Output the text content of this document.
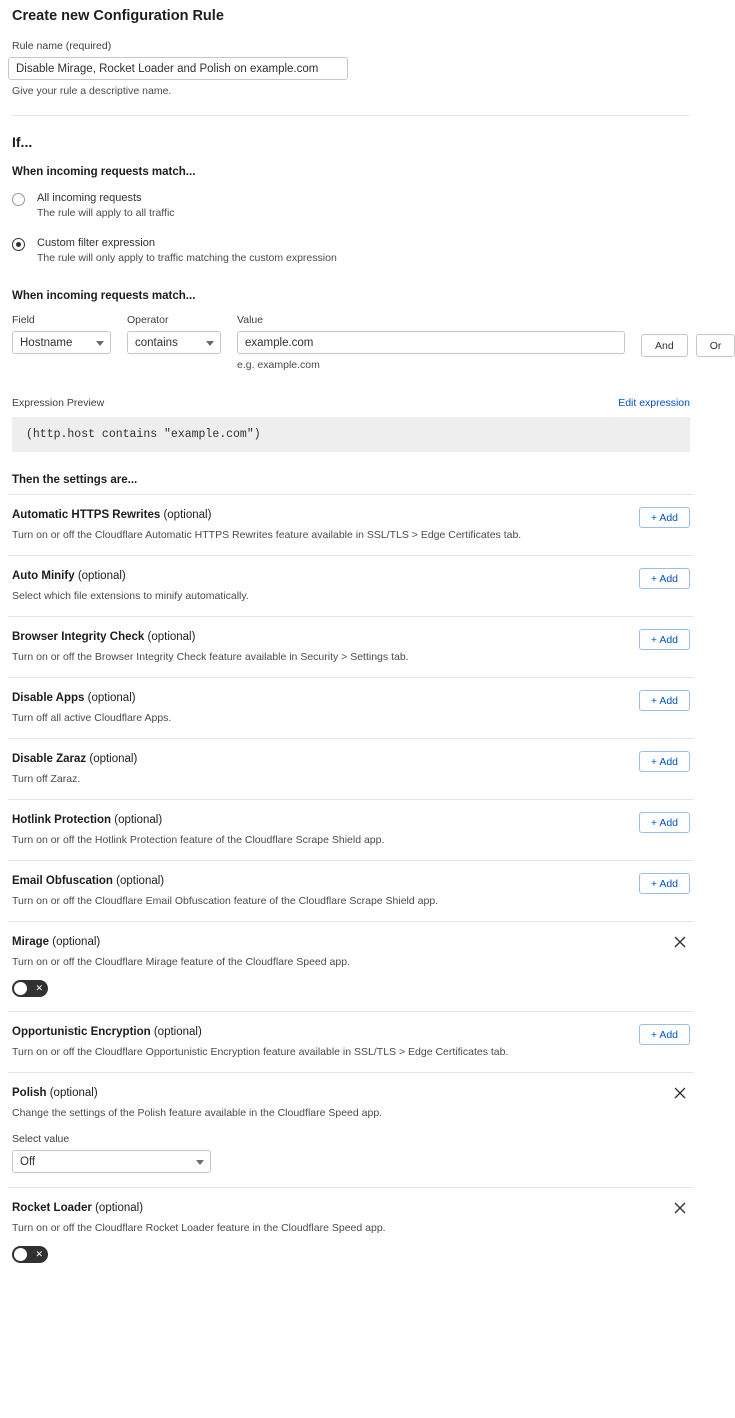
Create new Configuration Rule
Rule name (required)
Disable Mirage, Rocket Loader and Polish on example.com
Give your rule a descriptive name.
If...
When incoming requests match...
All incoming requests
The rule will apply to all traffic
Custom filter expression
The rule will only apply to traffic matching the custom expression
When incoming requests match...
Field
Hostname
Operator
contains
Value
example.com
e.g. example.com
And	Or
Expression Preview	Edit expression
(http.host contains "example.com")
Then the settings are...
Automatic HTTPS Rewrites (optional)
Turn on or off the Cloudflare Automatic HTTPS Rewrites feature available in SSL/TLS > Edge Certificates tab.
+ Add
Auto Minify (optional)
Select which file extensions to minify automatically.
+ Add
Browser Integrity Check (optional)
Turn on or off the Browser Integrity Check feature available in Security > Settings tab.
+ Add
Disable Apps (optional)
Turn off all active Cloudflare Apps.
+ Add
Disable Zaraz (optional)
Turn off Zaraz.
+ Add
Hotlink Protection (optional)
Turn on or off the Hotlink Protection feature of the Cloudflare Scrape Shield app.
+ Add
Email Obfuscation (optional)
Turn on or off the Cloudflare Email Obfuscation feature of the Cloudflare Scrape Shield app.
+ Add
Mirage (optional)
Turn on or off the Cloudflare Mirage feature of the Cloudflare Speed app.
✕
Opportunistic Encryption (optional)
Turn on or off the Cloudflare Opportunistic Encryption feature available in SSL/TLS > Edge Certificates tab.
+ Add
Polish (optional)
Change the settings of the Polish feature available in the Cloudflare Speed app.
Select value
Off
Rocket Loader (optional)
Turn on or off the Cloudflare Rocket Loader feature in the Cloudflare Speed app.
✕
